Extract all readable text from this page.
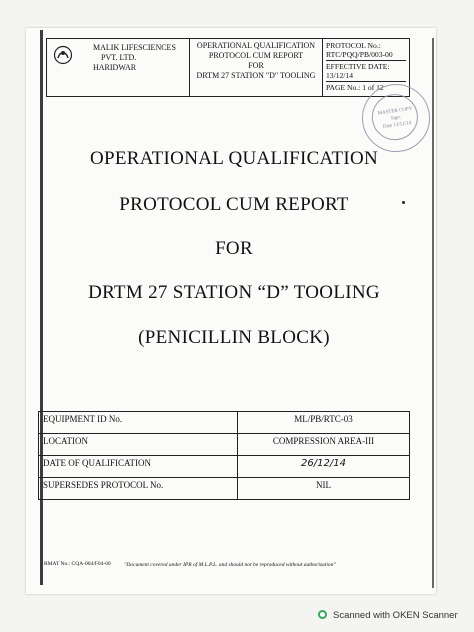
MALIK LIFESCIENCES
PVT. LTD.
HARIDWAR

OPERATIONAL QUALIFICATION
PROTOCOL CUM REPORT
FOR
DRTM 27 STATION "D" TOOLING

PROTOCOL No.:
RTC/PQQ/PB/003-00
EFFECTIVE DATE:
13/12/14
PAGE No.: 1 of 12
MASTER COPY
Sign.
Date 13/12/14
OPERATIONAL QUALIFICATION
PROTOCOL CUM REPORT
FOR
DRTM 27 STATION “D” TOOLING
(PENICILLIN BLOCK)
EQUIPMENT ID No.	ML/PB/RTC-03
LOCATION	COMPRESSION AREA-III
DATE OF QUALIFICATION	26/12/14
SUPERSEDES PROTOCOL No.	NIL
RMAT No.: CQA-004/F04-00 "Document covered under IPR of M.L.P.L. and should not be reproduced without authorization"
Scanned with OKEN Scanner
